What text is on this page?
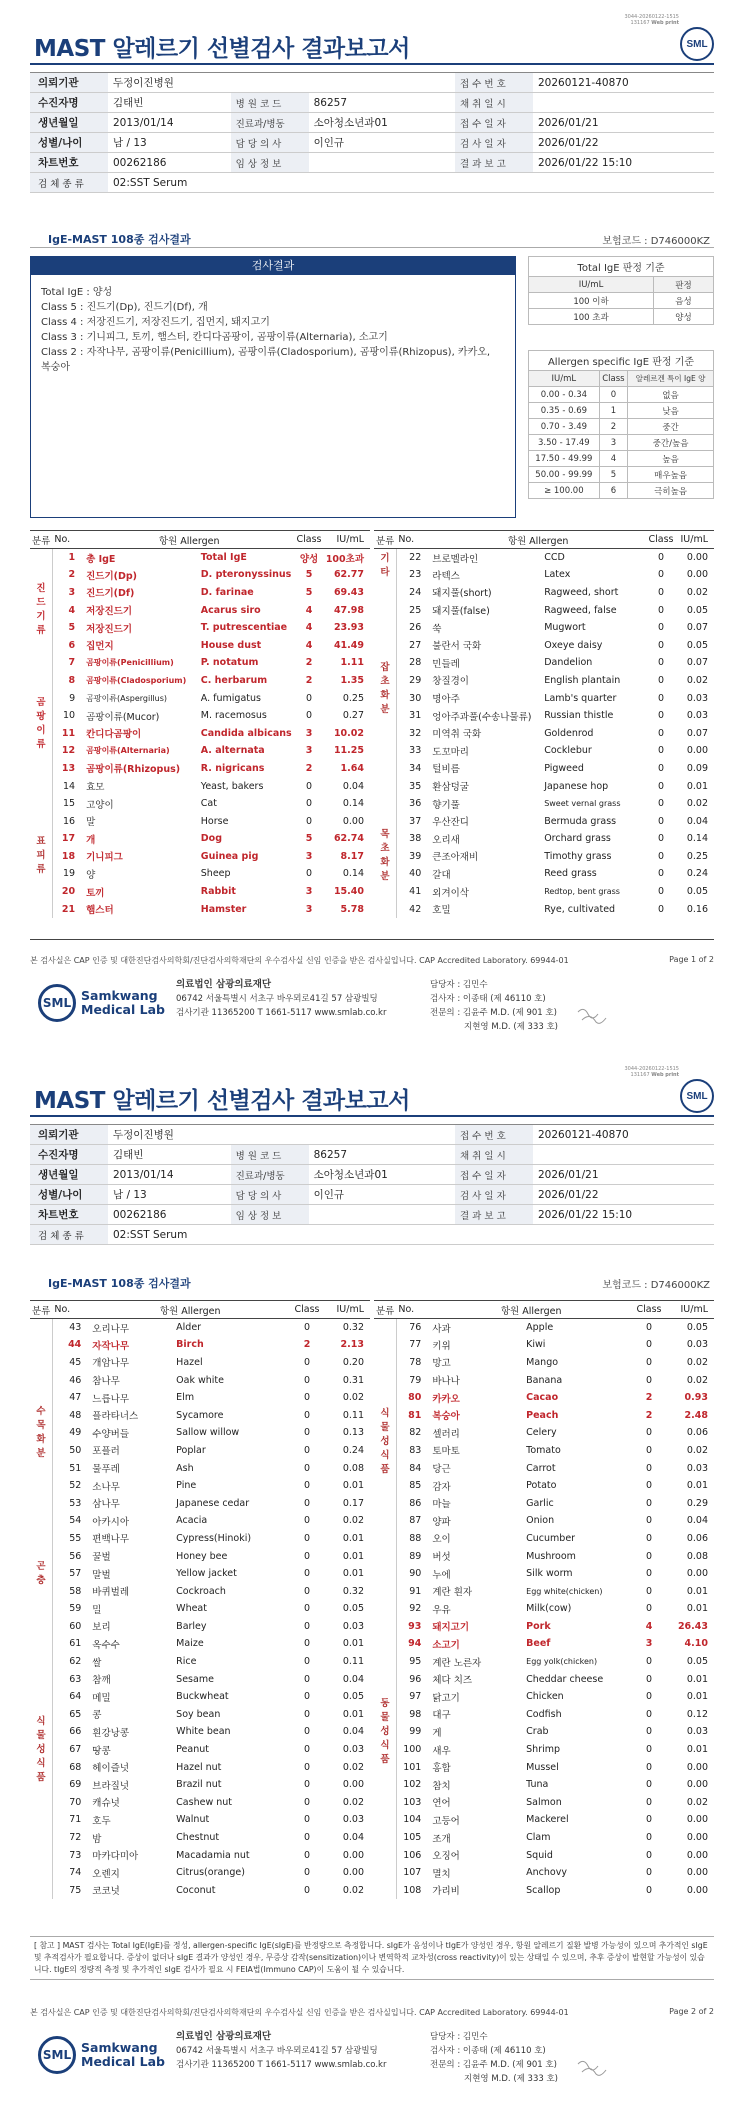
3044-20260122-1515
131167 Web print
MAST 알레르기 선별검사 결과보고서	SML
의뢰기관	두정이진병원			접 수 번 호	20260121-40870
수진자명	김태빈	병 원 코 드	86257	채 취 일 시	
생년월일	2013/01/14	진료과/병동	소아청소년과01	접 수 일 자	2026/01/21
성별/나이	남 / 13	담 당 의 사	이인규	검 사 일 자	2026/01/22
차트번호	00262186	임 상 정 보		결 과 보 고	2026/01/22 15:10
검 체 종 류	02:SST Serum				
IgE-MAST 108종 검사결과	보험코드 : D746000KZ
검사결과
Total IgE : 양성
Class 5 : 진드기(Dp), 진드기(Df), 개
Class 4 : 저장진드기, 저장진드기, 집먼지, 돼지고기
Class 3 : 기니피그, 토끼, 햄스터, 칸디다곰팡이, 곰팡이류(Alternaria), 소고기
Class 2 : 자작나무, 곰팡이류(Penicillium), 곰팡이류(Cladosporium), 곰팡이류(Rhizopus), 카카오,
복숭아
Total IgE 판정 기준	
IU/mL	판정
100 이하	음성
100 초과	양성
Allergen specific IgE 판정 기준		
IU/mL	Class	알레르겐 특이 IgE 양
0.00 - 0.34	0	없음
0.35 - 0.69	1	낮음
0.70 - 3.49	2	중간
3.50 - 17.49	3	중간/높음
17.50 - 49.99	4	높음
50.00 - 99.99	5	매우높음
≥ 100.00	6	극히높음
분류	No.	항원 Allergen		Class	IU/mL
	1	총 IgE	Total IgE	양성	100초과
진
드
기
류	2	진드기(Dp)	D. pteronyssinus	5	62.77
	3	진드기(Df)	D. farinae	5	69.43
	4	저장진드기	Acarus siro	4	47.98
	5	저장진드기	T. putrescentiae	4	23.93
	6	집먼지	House dust	4	41.49
곰
팡
이
류	7	곰팡이류(Penicillium)	P. notatum	2	1.11
	8	곰팡이류(Cladosporium)	C. herbarum	2	1.35
	9	곰팡이류(Aspergillus)	A. fumigatus	0	0.25
	10	곰팡이류(Mucor)	M. racemosus	0	0.27
	11	칸디다곰팡이	Candida albicans	3	10.02
	12	곰팡이류(Alternaria)	A. alternata	3	11.25
	13	곰팡이류(Rhizopus)	R. nigricans	2	1.64
	14	효모	Yeast, bakers	0	0.04
표
피
류	15	고양이	Cat	0	0.14
	16	말	Horse	0	0.00
	17	개	Dog	5	62.74
	18	기니피그	Guinea pig	3	8.17
	19	양	Sheep	0	0.14
	20	토끼	Rabbit	3	15.40
	21	햄스터	Hamster	3	5.78
분류	No.	항원 Allergen		Class	IU/mL
기
타	22	브로멜라인	CCD	0	0.00
	23	라텍스	Latex	0	0.00
잡
초
화
분	24	돼지풀(short)	Ragweed, short	0	0.02
	25	돼지풀(false)	Ragweed, false	0	0.05
	26	쑥	Mugwort	0	0.07
	27	불란서 국화	Oxeye daisy	0	0.05
	28	민들레	Dandelion	0	0.07
	29	창질경이	English plantain	0	0.02
	30	명아주	Lamb's quarter	0	0.03
	31	엉아주과풀(수송나물류)	Russian thistle	0	0.03
	32	미역취 국화	Goldenrod	0	0.07
	33	도꼬마리	Cocklebur	0	0.00
	34	털비름	Pigweed	0	0.09
	35	환삼덩굴	Japanese hop	0	0.01
목
초
화
분	36	향기풀	Sweet vernal grass	0	0.02
	37	우산잔디	Bermuda grass	0	0.04
	38	오리새	Orchard grass	0	0.14
	39	큰조아재비	Timothy grass	0	0.25
	40	갈대	Reed grass	0	0.24
	41	외겨이삭	Redtop, bent grass	0	0.05
	42	호밀	Rye, cultivated	0	0.16
본 검사실은 CAP 인증 및 대한진단검사의학회/진단검사의학재단의 우수검사실 신임 인증을 받은 검사실입니다. CAP Accredited Laboratory. 69944-01	Page 1 of 2
SML Samkwang
Medical Lab
의료법인 삼광의료재단
06742 서울특별시 서초구 바우뫼로41길 57 삼광빌딩
검사기관 11365200 T 1661-5117 www.smlab.co.kr
담당자 : 김민수
검사자 : 이종태 (제 46110 호)
전문의 : 김윤주 M.D. (제 901 호)
지현영 M.D. (제 333 호)
3044-20260122-1515
131167 Web print
MAST 알레르기 선별검사 결과보고서	SML
의뢰기관	두정이진병원			접 수 번 호	20260121-40870
수진자명	김태빈	병 원 코 드	86257	채 취 일 시	
생년월일	2013/01/14	진료과/병동	소아청소년과01	접 수 일 자	2026/01/21
성별/나이	남 / 13	담 당 의 사	이인규	검 사 일 자	2026/01/22
차트번호	00262186	임 상 정 보		결 과 보 고	2026/01/22 15:10
검 체 종 류	02:SST Serum				
IgE-MAST 108종 검사결과	보험코드 : D746000KZ
분류	No.	항원 Allergen		Class	IU/mL
수
목
화
분	43	오리나무	Alder	0	0.32
	44	자작나무	Birch	2	2.13
	45	개암나무	Hazel	0	0.20
	46	참나무	Oak white	0	0.31
	47	느릅나무	Elm	0	0.02
	48	플라타너스	Sycamore	0	0.11
	49	수양버들	Sallow willow	0	0.13
	50	포플러	Poplar	0	0.24
	51	물푸레	Ash	0	0.08
	52	소나무	Pine	0	0.01
	53	삼나무	Japanese cedar	0	0.17
	54	아카시아	Acacia	0	0.02
	55	편백나무	Cypress(Hinoki)	0	0.01
곤
충	56	꿀벌	Honey bee	0	0.01
	57	말벌	Yellow jacket	0	0.01
	58	바퀴벌레	Cockroach	0	0.32
식
물
성
식
품	59	밀	Wheat	0	0.05
	60	보리	Barley	0	0.03
	61	옥수수	Maize	0	0.01
	62	쌀	Rice	0	0.11
	63	참깨	Sesame	0	0.04
	64	메밀	Buckwheat	0	0.05
	65	콩	Soy bean	0	0.01
	66	흰강낭콩	White bean	0	0.04
	67	땅콩	Peanut	0	0.03
	68	헤이즐넛	Hazel nut	0	0.02
	69	브라질넛	Brazil nut	0	0.00
	70	캐슈넛	Cashew nut	0	0.02
	71	호두	Walnut	0	0.03
	72	밤	Chestnut	0	0.04
	73	마카다미아	Macadamia nut	0	0.00
	74	오렌지	Citrus(orange)	0	0.00
	75	코코넛	Coconut	0	0.02
분류	No.	항원 Allergen		Class	IU/mL
식
물
성
식
품	76	사과	Apple	0	0.05
	77	키위	Kiwi	0	0.03
	78	망고	Mango	0	0.02
	79	바나나	Banana	0	0.02
	80	카카오	Cacao	2	0.93
	81	복숭아	Peach	2	2.48
	82	셀러리	Celery	0	0.06
	83	토마토	Tomato	0	0.02
	84	당근	Carrot	0	0.03
	85	감자	Potato	0	0.01
	86	마늘	Garlic	0	0.29
	87	양파	Onion	0	0.04
	88	오이	Cucumber	0	0.06
	89	버섯	Mushroom	0	0.08
동
물
성
식
품	90	누에	Silk worm	0	0.00
	91	계란 흰자	Egg white(chicken)	0	0.01
	92	우유	Milk(cow)	0	0.01
	93	돼지고기	Pork	4	26.43
	94	소고기	Beef	3	4.10
	95	계란 노른자	Egg yolk(chicken)	0	0.05
	96	체다 치즈	Cheddar cheese	0	0.01
	97	닭고기	Chicken	0	0.01
	98	대구	Codfish	0	0.12
	99	게	Crab	0	0.03
	100	새우	Shrimp	0	0.01
	101	홍합	Mussel	0	0.00
	102	참치	Tuna	0	0.00
	103	연어	Salmon	0	0.02
	104	고등어	Mackerel	0	0.00
	105	조개	Clam	0	0.00
	106	오징어	Squid	0	0.00
	107	멸치	Anchovy	0	0.00
	108	가리비	Scallop	0	0.00
[ 참고 ] MAST 검사는 Total IgE(IgE)를 정성, allergen-specific IgE(sIgE)를 반정량으로 측정합니다. sIgE가 음성이나 tIgE가 양성인 경우, 항원 알레르기 질환 발병 가능성이 있으며 추가적인 sIgE 및 추적검사가 필요합니다. 증상이 없더나 sIgE 결과가 양성인 경우, 무증상 감작(sensitization)이나 변역학적 교차성(cross reactivity)이 있는 상태일 수 있으며, 추후 증상이 발현할 가능성이 있습니다. tIgE의 정량적 측정 및 추가적인 sIgE 검사가 필요 시 FEIA법(Immuno CAP)이 도움이 될 수 있습니다.
본 검사실은 CAP 인증 및 대한진단검사의학회/진단검사의학재단의 우수검사실 신임 인증을 받은 검사실입니다. CAP Accredited Laboratory. 69944-01	Page 2 of 2
SML Samkwang
Medical Lab
의료법인 삼광의료재단
06742 서울특별시 서초구 바우뫼로41길 57 삼광빌딩
검사기관 11365200 T 1661-5117 www.smlab.co.kr
담당자 : 김민수
검사자 : 이종태 (제 46110 호)
전문의 : 김윤주 M.D. (제 901 호)
지현영 M.D. (제 333 호)
